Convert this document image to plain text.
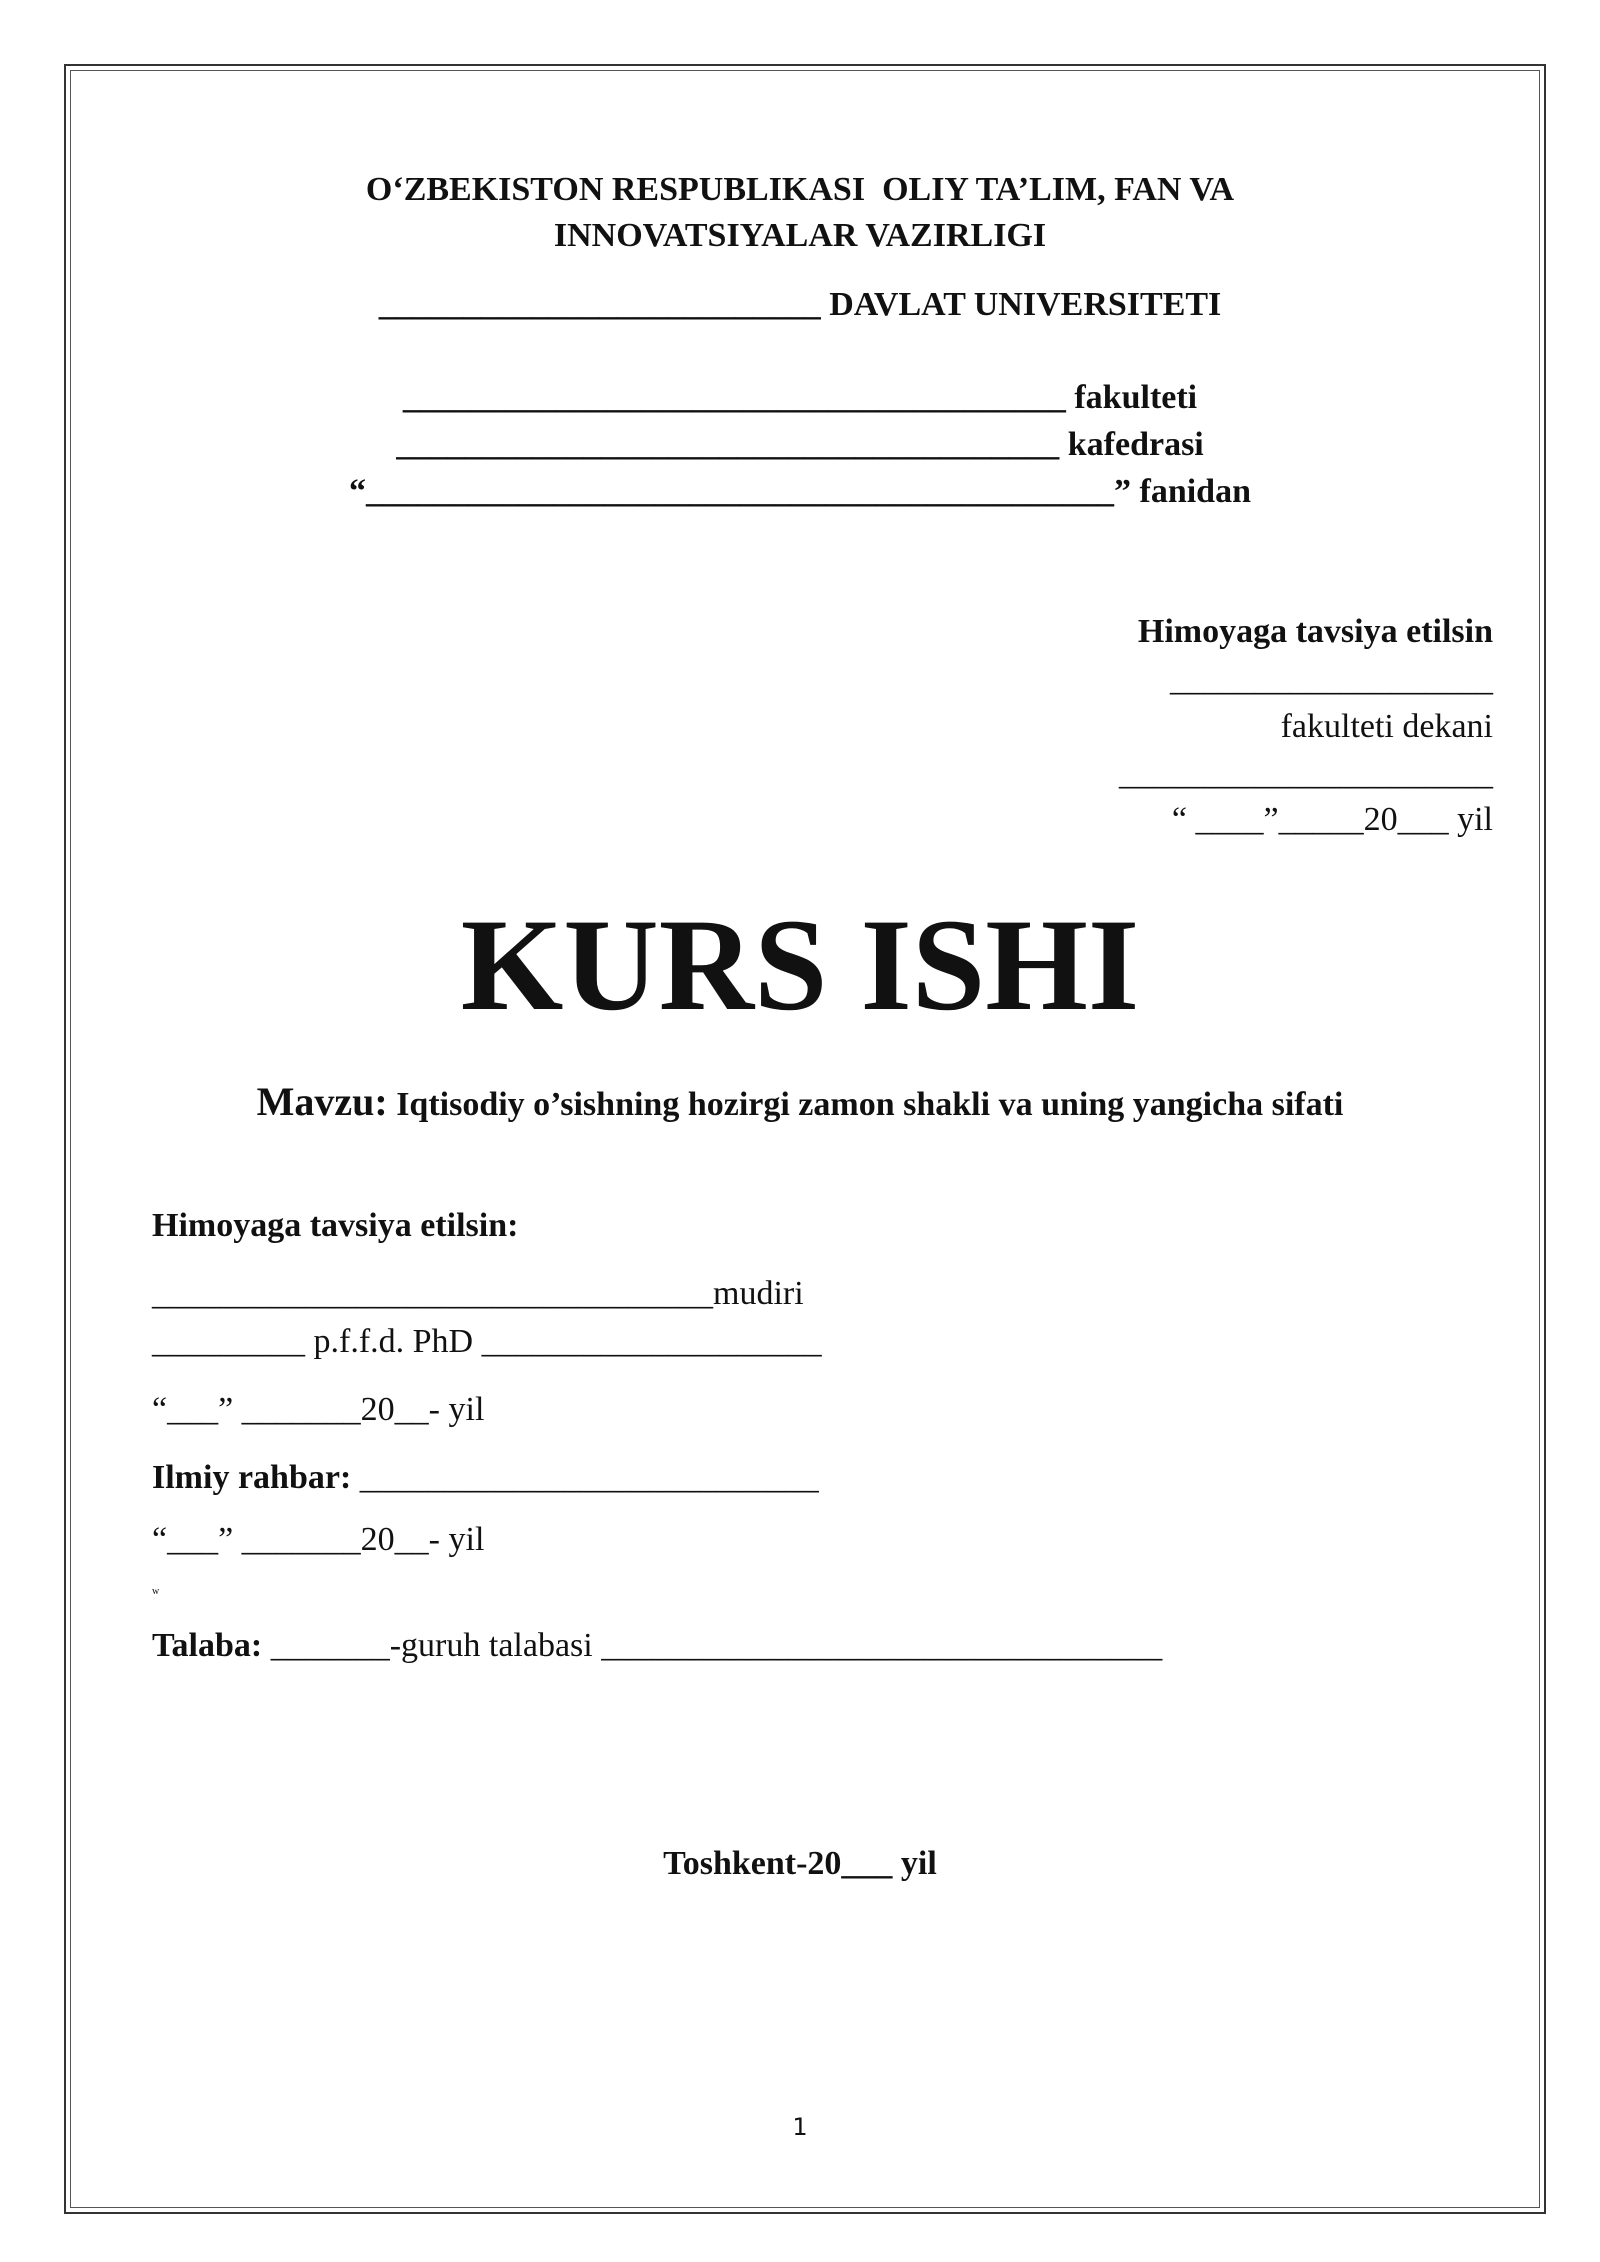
O‘ZBEKISTON RESPUBLIKASI  OLIY TA’LIM, FAN VA
INNOVATSIYALAR VAZIRLIGI
__________________________ DAVLAT UNIVERSITETI
_______________________________________ fakulteti
_______________________________________ kafedrasi
“____________________________________________” fanidan
Himoyaga tavsiya etilsin
___________________
fakulteti dekani
______________________
“ ____”_____20___ yil
KURS ISHI
Mavzu: Iqtisodiy o’sishning hozirgi zamon shakli va uning yangicha sifati
Himoyaga tavsiya etilsin:
_________________________________mudiri
_________ p.f.f.d. PhD ____________________
“___” _______20__- yil
Ilmiy rahbar: ___________________________
“___” _______20__- yil
w
Talaba: _______-guruh talabasi _________________________________
Toshkent-20___ yil
1
